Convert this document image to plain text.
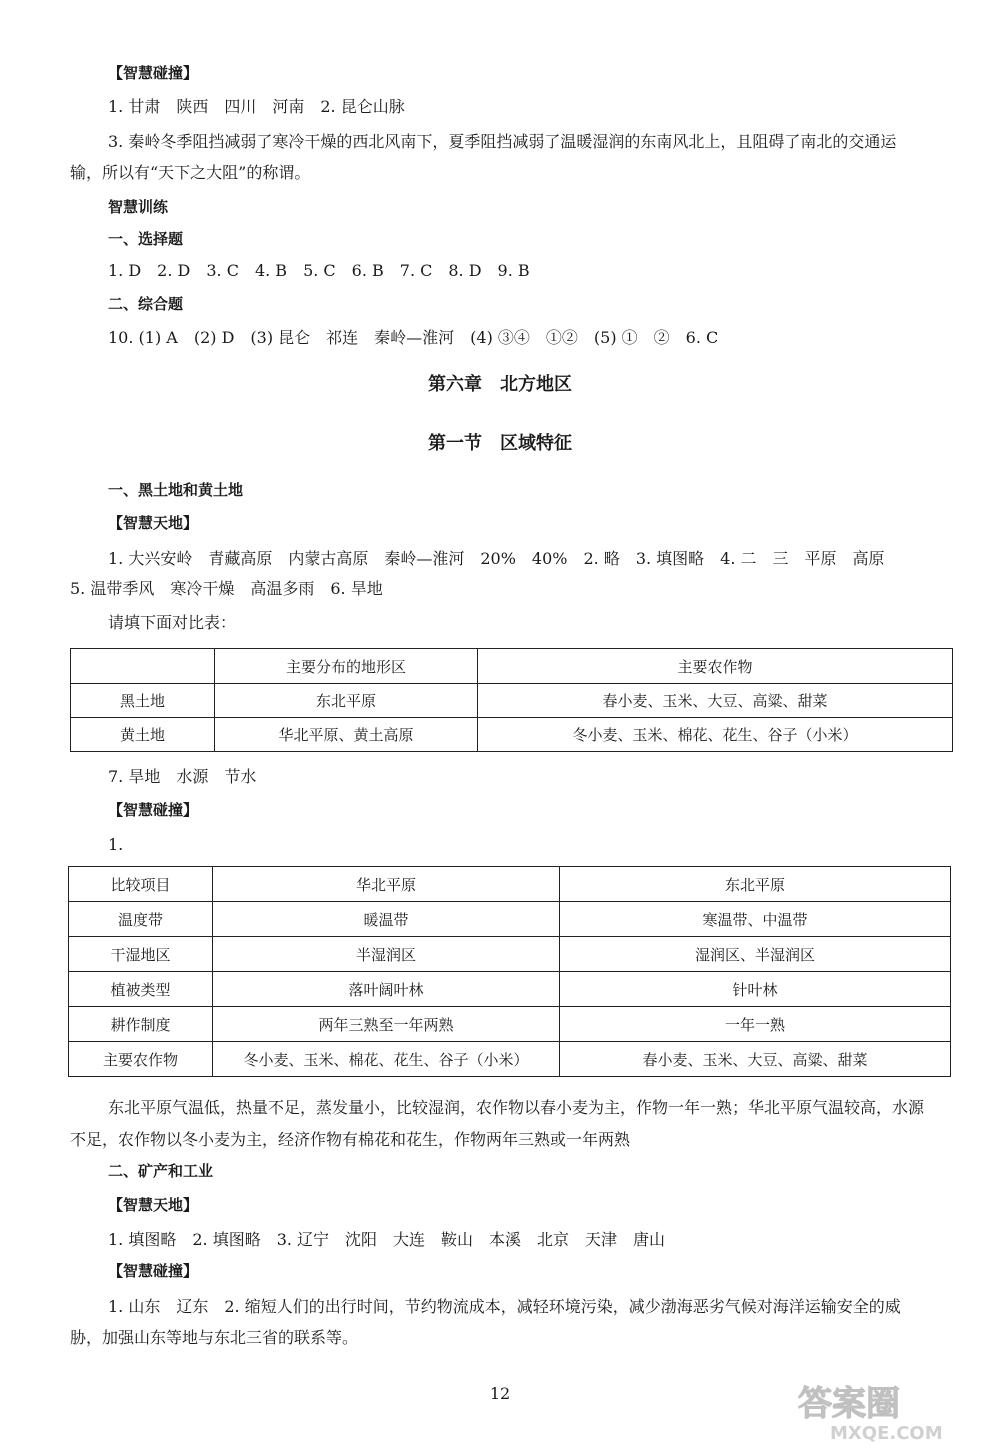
【智慧碰撞】
1. 甘肃　陕西　四川　河南　2. 昆仑山脉
3. 秦岭冬季阻挡减弱了寒冷干燥的西北风南下，夏季阻挡减弱了温暖湿润的东南风北上，且阻碍了南北的交通运
输，所以有“天下之大阻”的称谓。
智慧训练
一、选择题
1. D　2. D　3. C　4. B　5. C　6. B　7. C　8. D　9. B
二、综合题
10. (1) A　(2) D　(3) 昆仑　祁连　秦岭—淮河　(4) ③④　①②　(5) ①　②　6. C
第六章　北方地区
第一节　区域特征
一、黑土地和黄土地
【智慧天地】
1. 大兴安岭　青藏高原　内蒙古高原　秦岭—淮河　20%　40%　2. 略　3. 填图略　4. 二　三　平原　高原
5. 温带季风　寒冷干燥　高温多雨　6. 旱地
请填下面对比表：
	主要分布的地形区	主要农作物
黑土地	东北平原	春小麦、玉米、大豆、高粱、甜菜
黄土地	华北平原、黄土高原	冬小麦、玉米、棉花、花生、谷子（小米）
7. 旱地　水源　节水
【智慧碰撞】
1.
比较项目	华北平原	东北平原
温度带	暖温带	寒温带、中温带
干湿地区	半湿润区	湿润区、半湿润区
植被类型	落叶阔叶林	针叶林
耕作制度	两年三熟至一年两熟	一年一熟
主要农作物	冬小麦、玉米、棉花、花生、谷子（小米）	春小麦、玉米、大豆、高粱、甜菜
东北平原气温低，热量不足，蒸发量小，比较湿润，农作物以春小麦为主，作物一年一熟；华北平原气温较高，水源
不足，农作物以冬小麦为主，经济作物有棉花和花生，作物两年三熟或一年两熟
二、矿产和工业
【智慧天地】
1. 填图略　2. 填图略　3. 辽宁　沈阳　大连　鞍山　本溪　北京　天津　唐山
【智慧碰撞】
1. 山东　辽东　2. 缩短人们的出行时间，节约物流成本，减轻环境污染，减少渤海恶劣气候对海洋运输安全的威
胁，加强山东等地与东北三省的联系等。
12	答案圈
MXQE.COM
